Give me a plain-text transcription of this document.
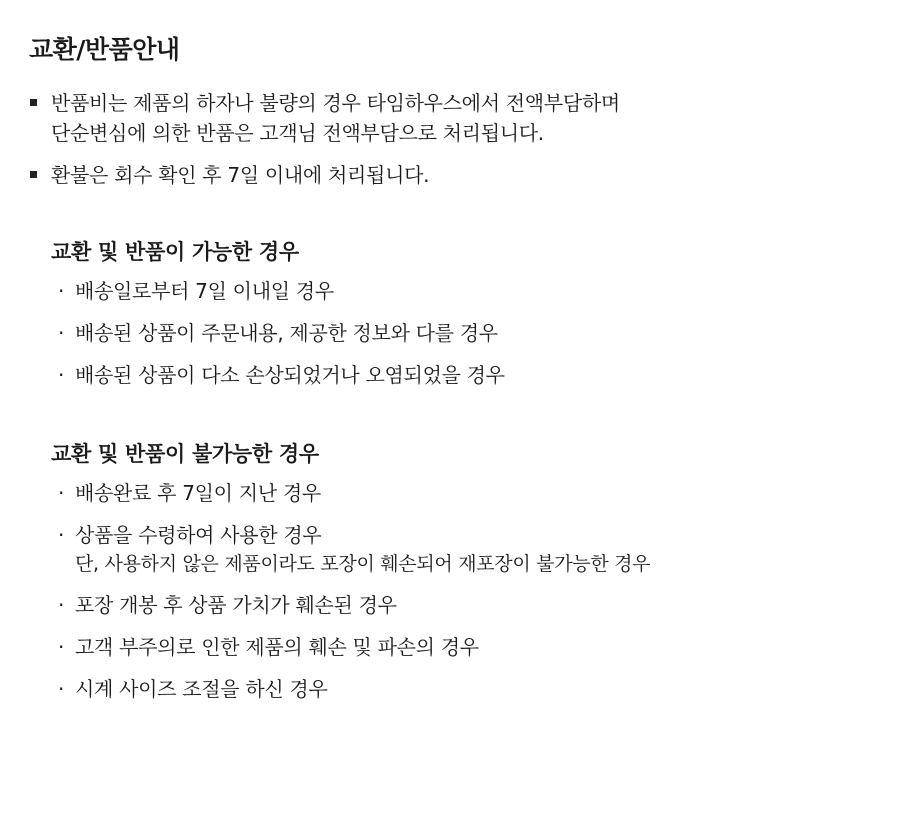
교환/반품안내
반품비는 제품의 하자나 불량의 경우 타임하우스에서 전액부담하며
단순변심에 의한 반품은 고객님 전액부담으로 처리됩니다.
환불은 회수 확인 후 7일 이내에 처리됩니다.
교환 및 반품이 가능한 경우
· 배송일로부터 7일 이내일 경우
· 배송된 상품이 주문내용, 제공한 정보와 다를 경우
· 배송된 상품이 다소 손상되었거나 오염되었을 경우
교환 및 반품이 불가능한 경우
· 배송완료 후 7일이 지난 경우
· 상품을 수령하여 사용한 경우
단, 사용하지 않은 제품이라도 포장이 훼손되어 재포장이 불가능한 경우
· 포장 개봉 후 상품 가치가 훼손된 경우
· 고객 부주의로 인한 제품의 훼손 및 파손의 경우
· 시계 사이즈 조절을 하신 경우
